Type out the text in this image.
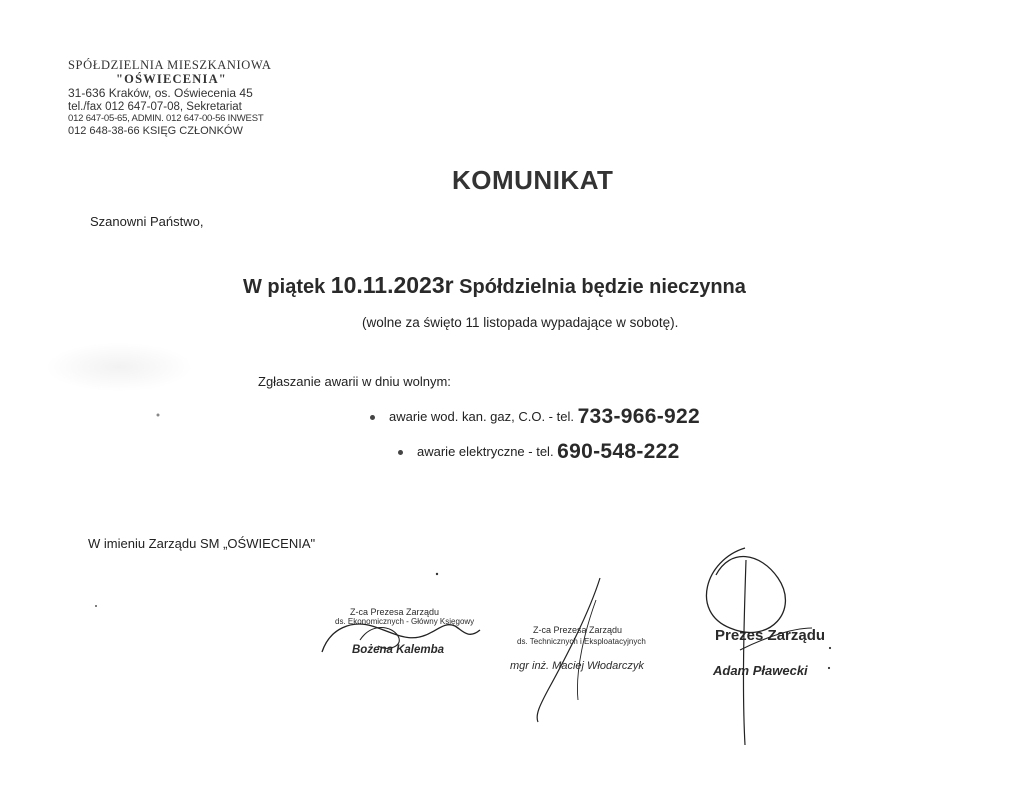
SPÓŁDZIELNIA MIESZKANIOWA
"OŚWIECENIA"
31-636 Kraków, os. Oświecenia 45
tel./fax 012 647-07-08, Sekretariat
012 647-05-65, ADMIN. 012 647-00-56 INWEST
012 648-38-66 KSIĘG CZŁONKÓW
KOMUNIKAT
Szanowni Państwo,
W piątek 10.11.2023r Spółdzielnia będzie nieczynna
(wolne za święto 11 listopada wypadające w sobotę).
Zgłaszanie awarii w dniu wolnym:
awarie wod. kan. gaz, C.O. - tel. 733-966-922
awarie elektryczne - tel. 690-548-222
W imieniu Zarządu SM „OŚWIECENIA"
Z-ca Prezesa Zarządu
ds. Ekonomicznych - Główny Księgowy
Bożena Kalemba
Z-ca Prezesa Zarządu
ds. Technicznych i Eksploatacyjnych
mgr inż. Maciej Włodarczyk
Prezes Zarządu
Adam Pławecki
